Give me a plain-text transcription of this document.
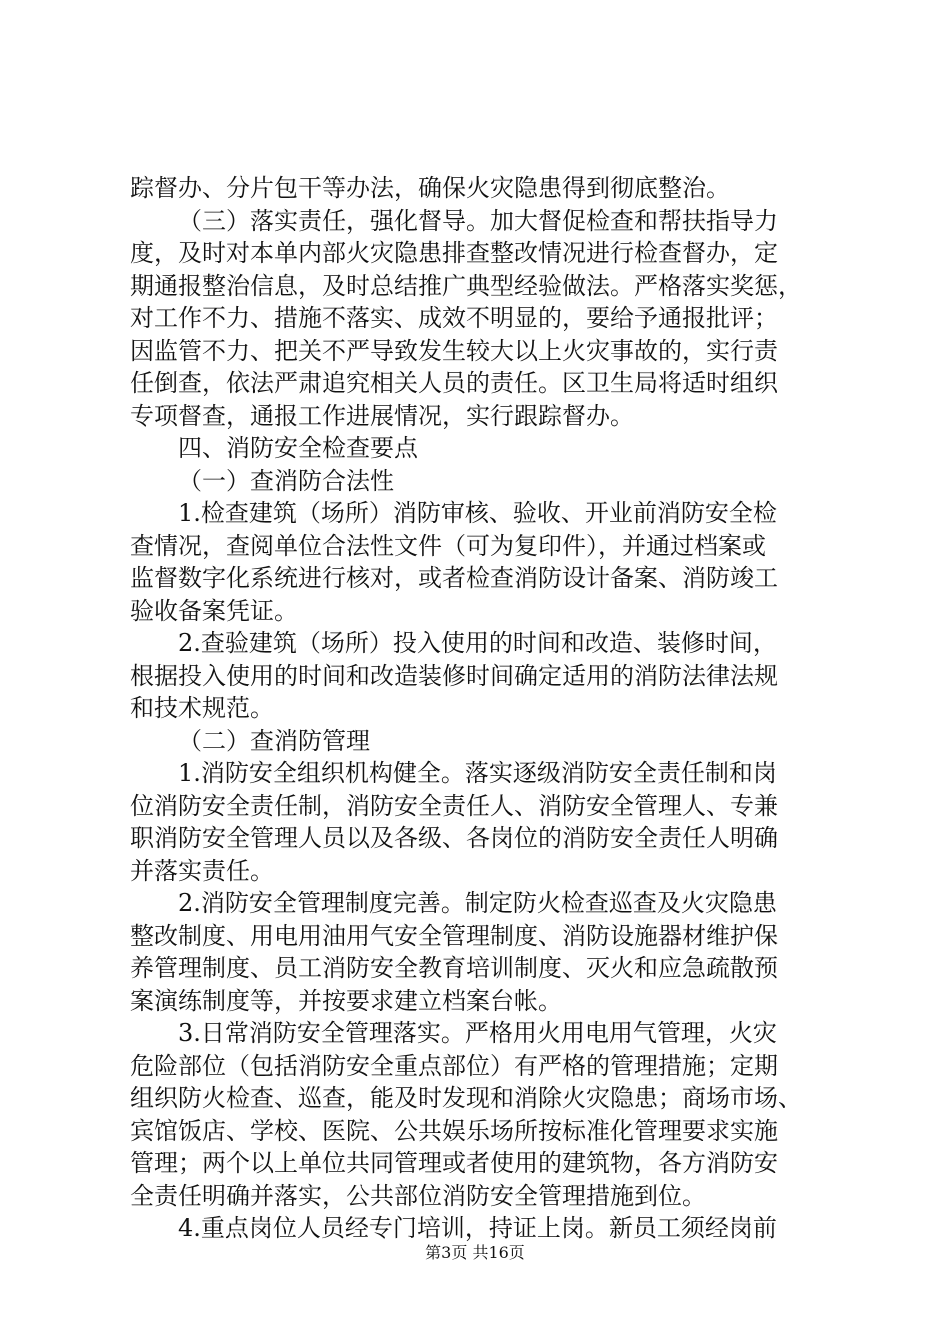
踪督办、分片包干等办法，确保火灾隐患得到彻底整治。
（三）落实责任，强化督导。加大督促检查和帮扶指导力
度，及时对本单内部火灾隐患排查整改情况进行检查督办，定
期通报整治信息，及时总结推广典型经验做法。严格落实奖惩，
对工作不力、措施不落实、成效不明显的，要给予通报批评；
因监管不力、把关不严导致发生较大以上火灾事故的，实行责
任倒查，依法严肃追究相关人员的责任。区卫生局将适时组织
专项督查，通报工作进展情况，实行跟踪督办。
四、消防安全检查要点
（一）查消防合法性
1.检查建筑（场所）消防审核、验收、开业前消防安全检
查情况，查阅单位合法性文件（可为复印件），并通过档案或
监督数字化系统进行核对，或者检查消防设计备案、消防竣工
验收备案凭证。
2.查验建筑（场所）投入使用的时间和改造、装修时间，
根据投入使用的时间和改造装修时间确定适用的消防法律法规
和技术规范。
（二）查消防管理
1.消防安全组织机构健全。落实逐级消防安全责任制和岗
位消防安全责任制，消防安全责任人、消防安全管理人、专兼
职消防安全管理人员以及各级、各岗位的消防安全责任人明确
并落实责任。
2.消防安全管理制度完善。制定防火检查巡查及火灾隐患
整改制度、用电用油用气安全管理制度、消防设施器材维护保
养管理制度、员工消防安全教育培训制度、灭火和应急疏散预
案演练制度等，并按要求建立档案台帐。
3.日常消防安全管理落实。严格用火用电用气管理，火灾
危险部位（包括消防安全重点部位）有严格的管理措施；定期
组织防火检查、巡查，能及时发现和消除火灾隐患；商场市场、
宾馆饭店、学校、医院、公共娱乐场所按标准化管理要求实施
管理；两个以上单位共同管理或者使用的建筑物，各方消防安
全责任明确并落实，公共部位消防安全管理措施到位。
4.重点岗位人员经专门培训，持证上岗。新员工须经岗前
第3页 共16页
